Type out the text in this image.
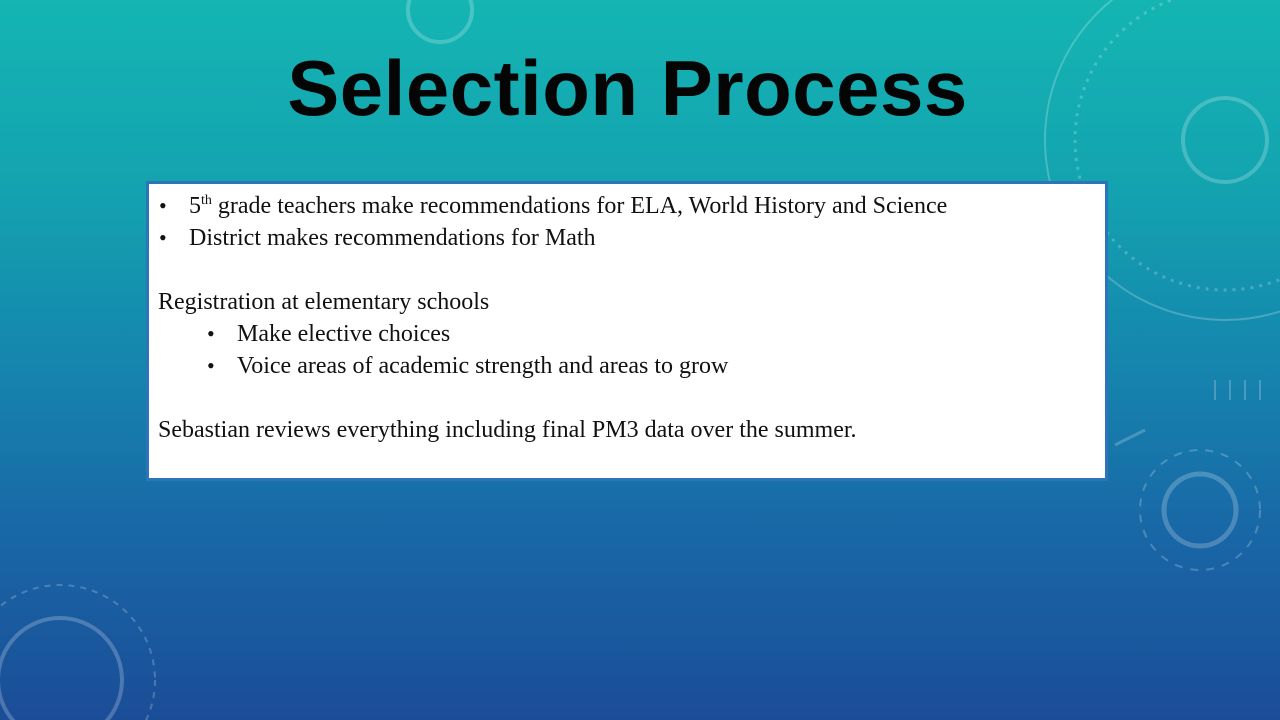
Selection Process
• 5th grade teachers make recommendations for ELA, World History and Science
• District makes recommendations for Math
Registration at elementary schools
• Make elective choices
• Voice areas of academic strength and areas to grow
Sebastian reviews everything including final PM3 data over the summer.
